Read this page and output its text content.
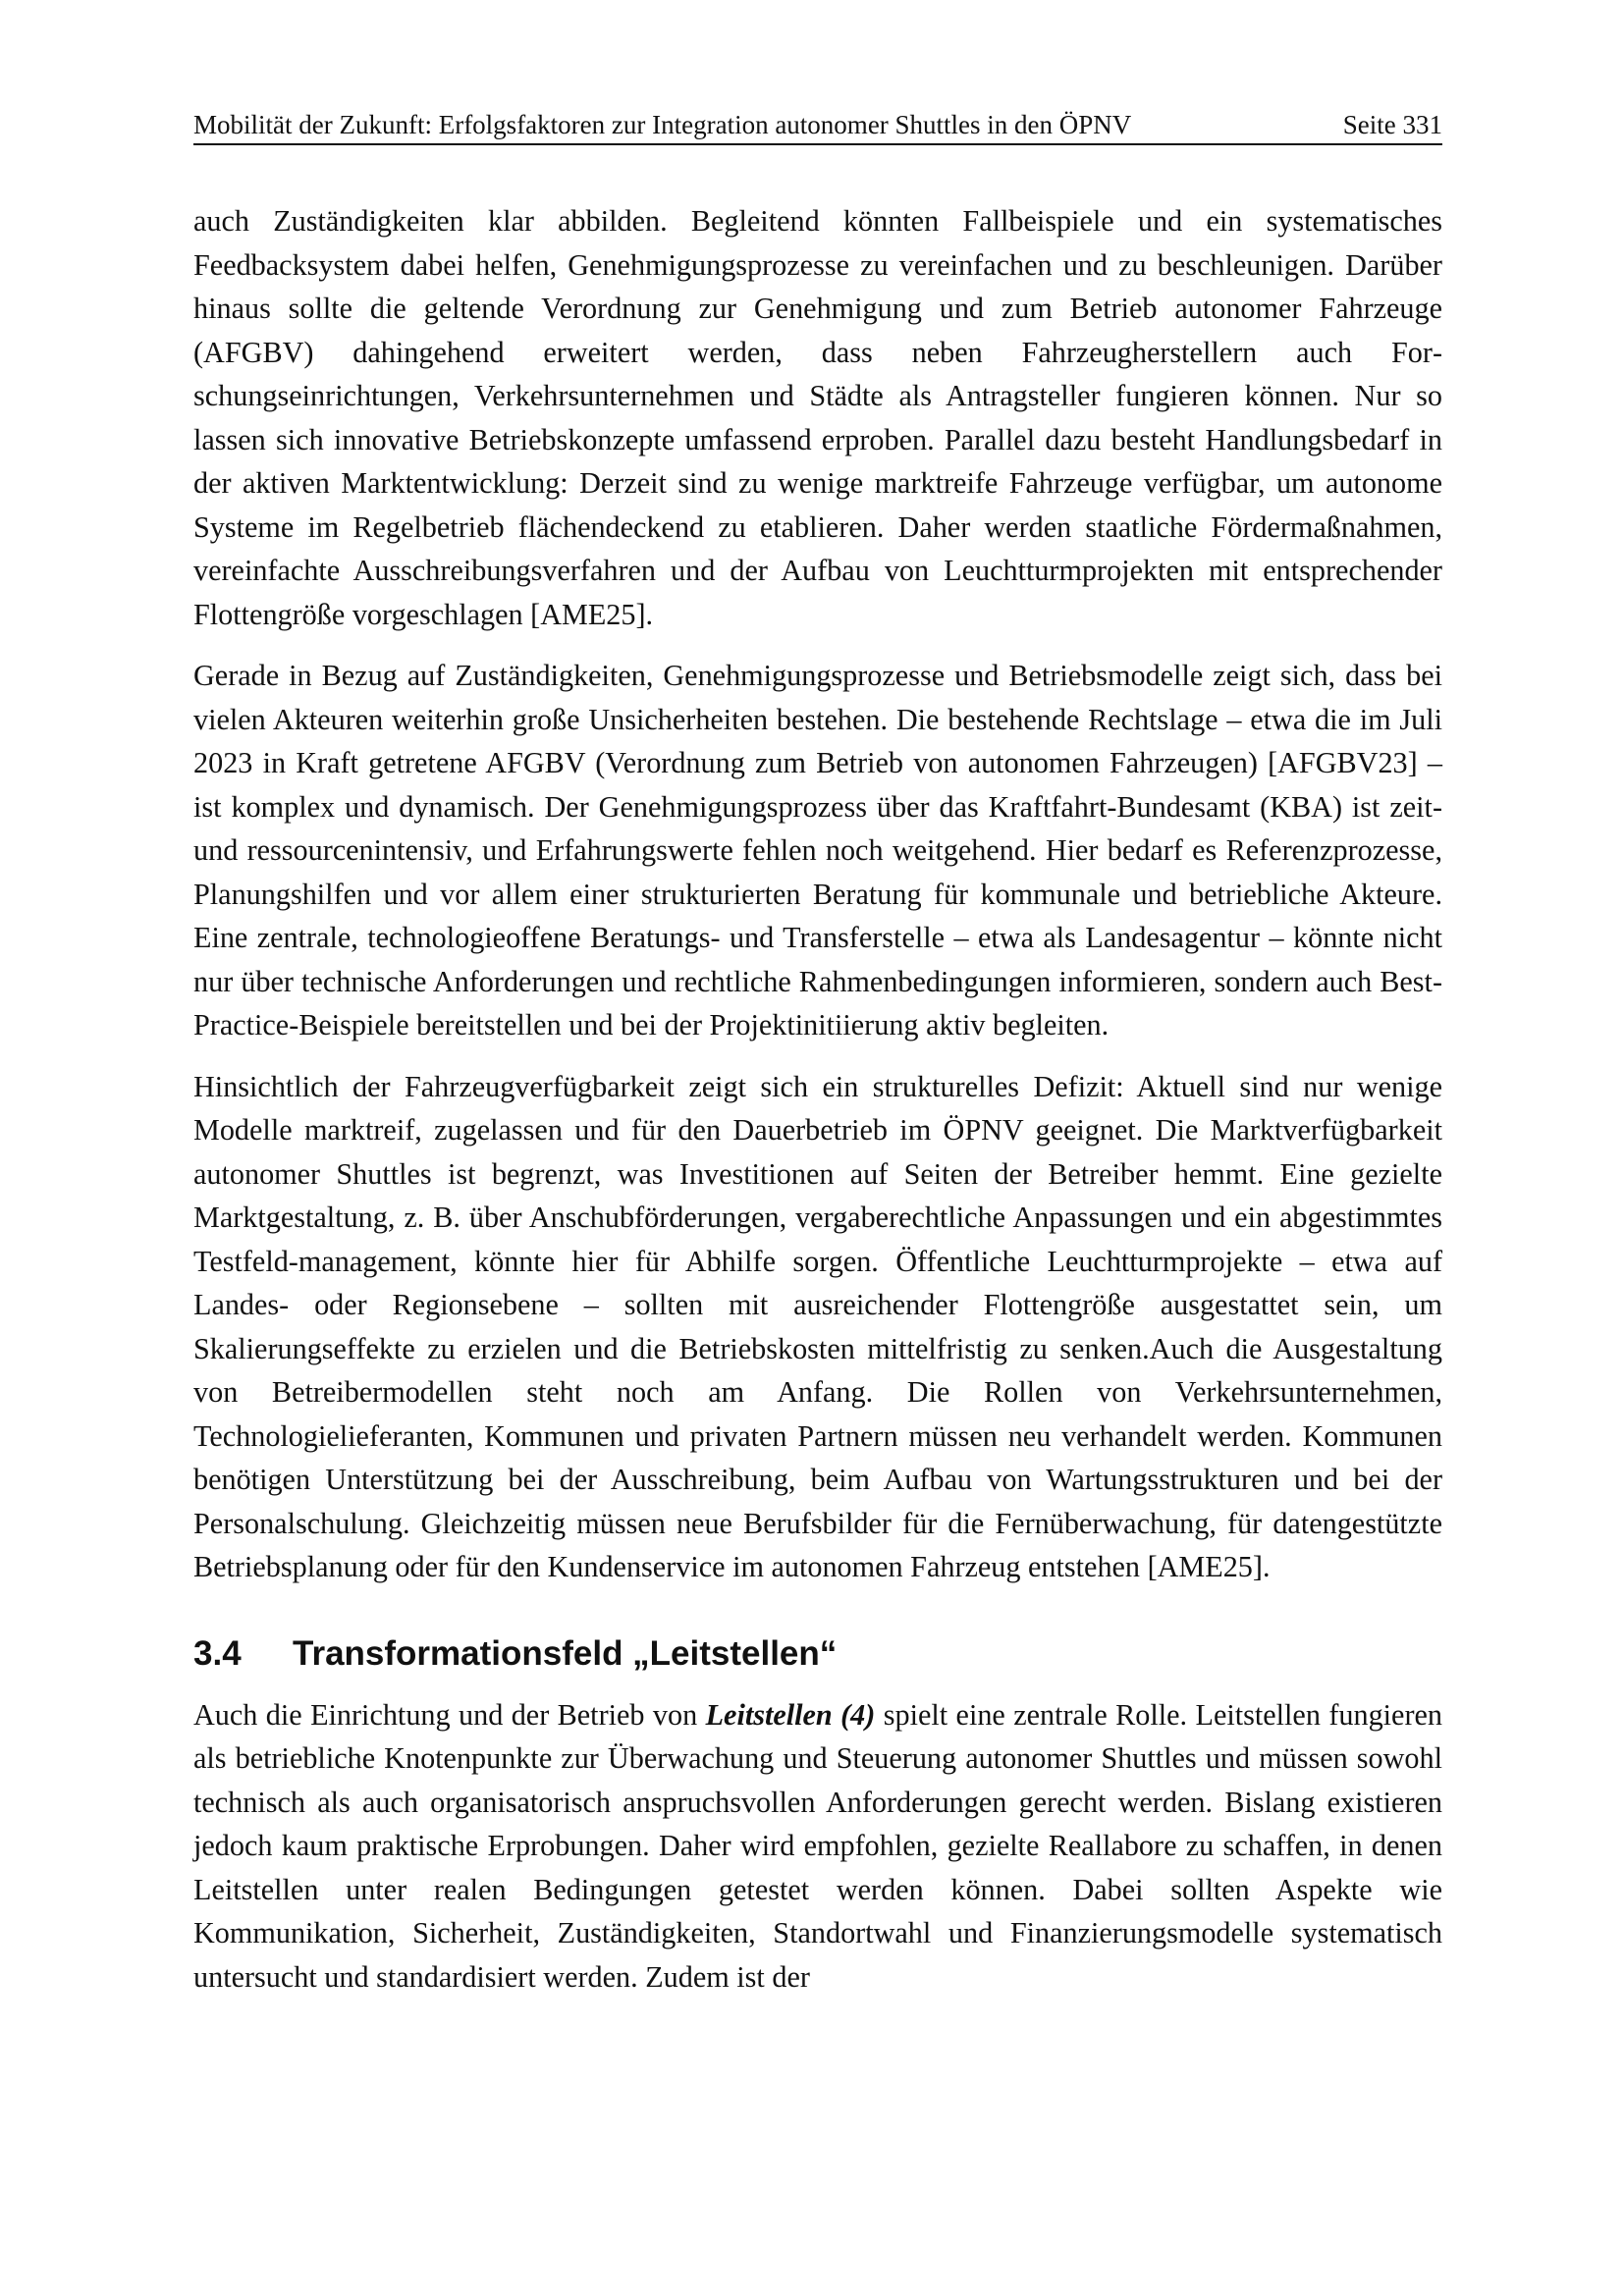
Mobilität der Zukunft: Erfolgsfaktoren zur Integration autonomer Shuttles in den ÖPNV	Seite 331

auch Zuständigkeiten klar abbilden. Begleitend könnten Fallbeispiele und ein systematisches Feedbacksystem dabei helfen, Genehmigungsprozesse zu vereinfachen und zu beschleunigen. Darüber hinaus sollte die geltende Verordnung zur Genehmigung und zum Betrieb autonomer Fahrzeuge (AFGBV) dahingehend erweitert werden, dass neben Fahrzeugherstellern auch Forschungseinrichtungen, Verkehrsunternehmen und Städte als Antragsteller fungieren können. Nur so lassen sich innovative Betriebskonzepte umfassend erproben. Parallel dazu besteht Handlungsbedarf in der aktiven Marktentwicklung: Derzeit sind zu wenige marktreife Fahrzeuge verfügbar, um autonome Systeme im Regelbetrieb flächendeckend zu etablieren. Daher werden staatliche Fördermaßnahmen, vereinfachte Ausschreibungsverfahren und der Aufbau von Leuchtturmprojekten mit entsprechender Flottengröße vorgeschlagen [AME25].

Gerade in Bezug auf Zuständigkeiten, Genehmigungsprozesse und Betriebsmodelle zeigt sich, dass bei vielen Akteuren weiterhin große Unsicherheiten bestehen. Die bestehende Rechtslage – etwa die im Juli 2023 in Kraft getretene AFGBV (Verordnung zum Betrieb von autonomen Fahrzeugen) [AFGBV23] – ist komplex und dynamisch. Der Genehmigungsprozess über das Kraftfahrt-Bundesamt (KBA) ist zeit- und ressourcenintensiv, und Erfahrungswerte fehlen noch weitgehend. Hier bedarf es Referenzprozesse, Planungshilfen und vor allem einer strukturierten Beratung für kommunale und betriebliche Akteure. Eine zentrale, technologieoffene Beratungs- und Transferstelle – etwa als Landesagentur – könnte nicht nur über technische Anforderungen und rechtliche Rahmenbedingungen informieren, sondern auch Best-Practice-Beispiele bereitstellen und bei der Projektinitiierung aktiv begleiten.

Hinsichtlich der Fahrzeugverfügbarkeit zeigt sich ein strukturelles Defizit: Aktuell sind nur wenige Modelle marktreif, zugelassen und für den Dauerbetrieb im ÖPNV geeignet. Die Marktverfügbarkeit autonomer Shuttles ist begrenzt, was Investitionen auf Seiten der Betreiber hemmt. Eine gezielte Marktgestaltung, z. B. über Anschubförderungen, vergaberechtliche Anpassungen und ein abgestimmtes Testfeld-management, könnte hier für Abhilfe sorgen. Öffentliche Leuchtturmprojekte – etwa auf Landes- oder Regionsebene – sollten mit ausreichender Flottengröße ausgestattet sein, um Skalierungseffekte zu erzielen und die Betriebskosten mittelfristig zu senken.Auch die Ausgestaltung von Betreibermodellen steht noch am Anfang. Die Rollen von Verkehrsunternehmen, Technologielieferanten, Kommunen und privaten Partnern müssen neu verhandelt werden. Kommunen benötigen Unterstützung bei der Ausschreibung, beim Aufbau von Wartungsstrukturen und bei der Personalschulung. Gleichzeitig müssen neue Berufsbilder für die Fernüberwachung, für datengestützte Betriebsplanung oder für den Kundenservice im autonomen Fahrzeug entstehen [AME25].

3.4	Transformationsfeld „Leitstellen“

Auch die Einrichtung und der Betrieb von Leitstellen (4) spielt eine zentrale Rolle. Leitstellen fungieren als betriebliche Knotenpunkte zur Überwachung und Steuerung autonomer Shuttles und müssen sowohl technisch als auch organisatorisch anspruchsvollen Anforderungen gerecht werden. Bislang existieren jedoch kaum praktische Erprobungen. Daher wird empfohlen, gezielte Reallabore zu schaffen, in denen Leitstellen unter realen Bedingungen getestet werden können. Dabei sollten Aspekte wie Kommunikation, Sicherheit, Zuständigkeiten, Standortwahl und Finanzierungsmodelle systematisch untersucht und standardisiert werden. Zudem ist der
